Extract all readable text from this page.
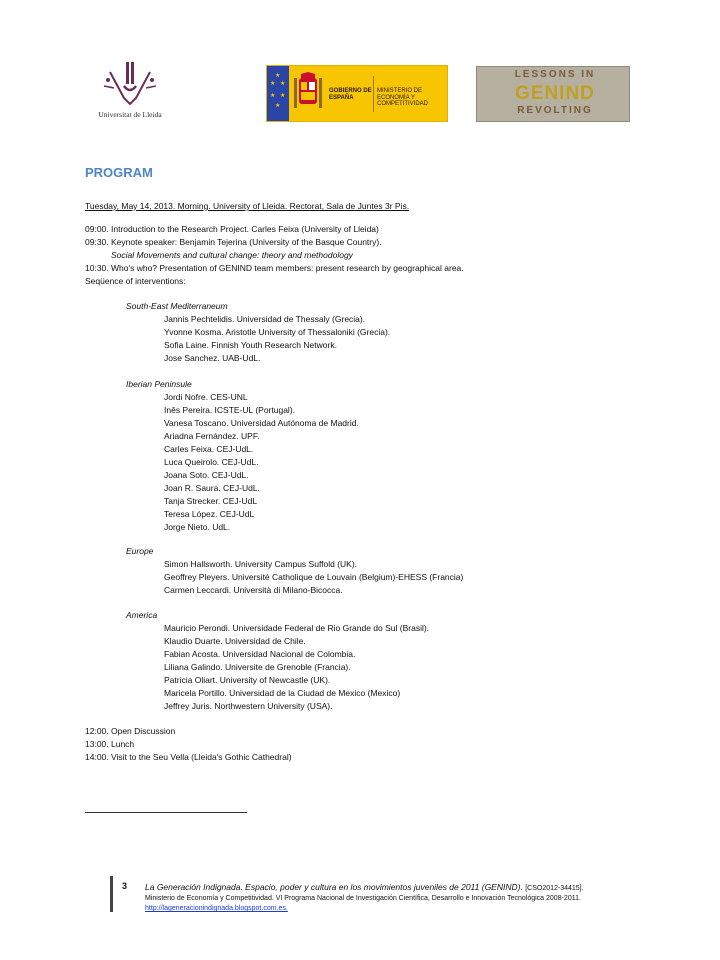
Universitat de Lleida
★
★ ★
★ ★
★
GOBIERNO DE ESPAÑA
MINISTERIO DE ECONOMÍA Y COMPETITIVIDAD
LESSONS IN
GENIND
REVOLTING
PROGRAM
Tuesday, May 14, 2013. Morning. University of Lleida. Rectorat, Sala de Juntes 3r Pis.
09:00. Introduction to the Research Project. Carles Feixa (University of Lleida)
09:30. Keynote speaker: Benjamin Tejerina (University of the Basque Country).
Social Movements and cultural change: theory and methodology
10:30. Who's who? Presentation of GENIND team members: present research by geographical area.
Seqüence of interventions:
South-East Mediterraneum
Jannis Pechtelidis. Universidad de Thessaly (Grecia).
Yvonne Kosma. Aristotle University of Thessaloniki (Grecia).
Sofia Laine. Finnish Youth Research Network.
Jose Sanchez. UAB-UdL.
Iberian Peninsule
Jordi Nofre. CES-UNL
Inês Pereira. ICSTE-UL (Portugal).
Vanesa Toscano. Universidad Autónoma de Madrid.
Ariadna Fernández. UPF.
Carles Feixa. CEJ-UdL.
Luca Queirolo. CEJ-UdL.
Joana Soto. CEJ-UdL.
Joan R. Saura. CEJ-UdL.
Tanja Strecker. CEJ-UdL
Teresa López. CEJ-UdL
Jorge Nieto. UdL.
Europe
Simon Hallsworth. University Campus Suffold (UK).
Geoffrey Pleyers. Université Catholique de Louvain (Belgium)-EHESS (Francia)
Carmen Leccardi. Università di Milano-Bicocca.
America
Mauricio Perondi. Universidade Federal de Rio Grande do Sul (Brasil).
Klaudio Duarte. Universidad de Chile.
Fabian Acosta. Universidad Nacional de Colombia.
Liliana Galindo. Universite de Grenoble (Francia).
Patricia Oliart. University of Newcastle (UK).
Maricela Portillo. Universidad de la Ciudad de Mexico (Mexico)
Jeffrey Juris. Northwestern University (USA).
12:00. Open Discussion
13:00. Lunch
14:00. Visit to the Seu Vella (Lleida's Gothic Cathedral)
3 La Generación Indignada. Espacio, poder y cultura en los movimientos juveniles de 2011 (GENIND). [CSO2012-34415].
Ministerio de Economía y Competitividad. VI Programa Nacional de Investigación Científica, Desarrollo e Innovación Tecnológica 2008-2011.
http://lageneracionindignada.blogspot.com.es.
